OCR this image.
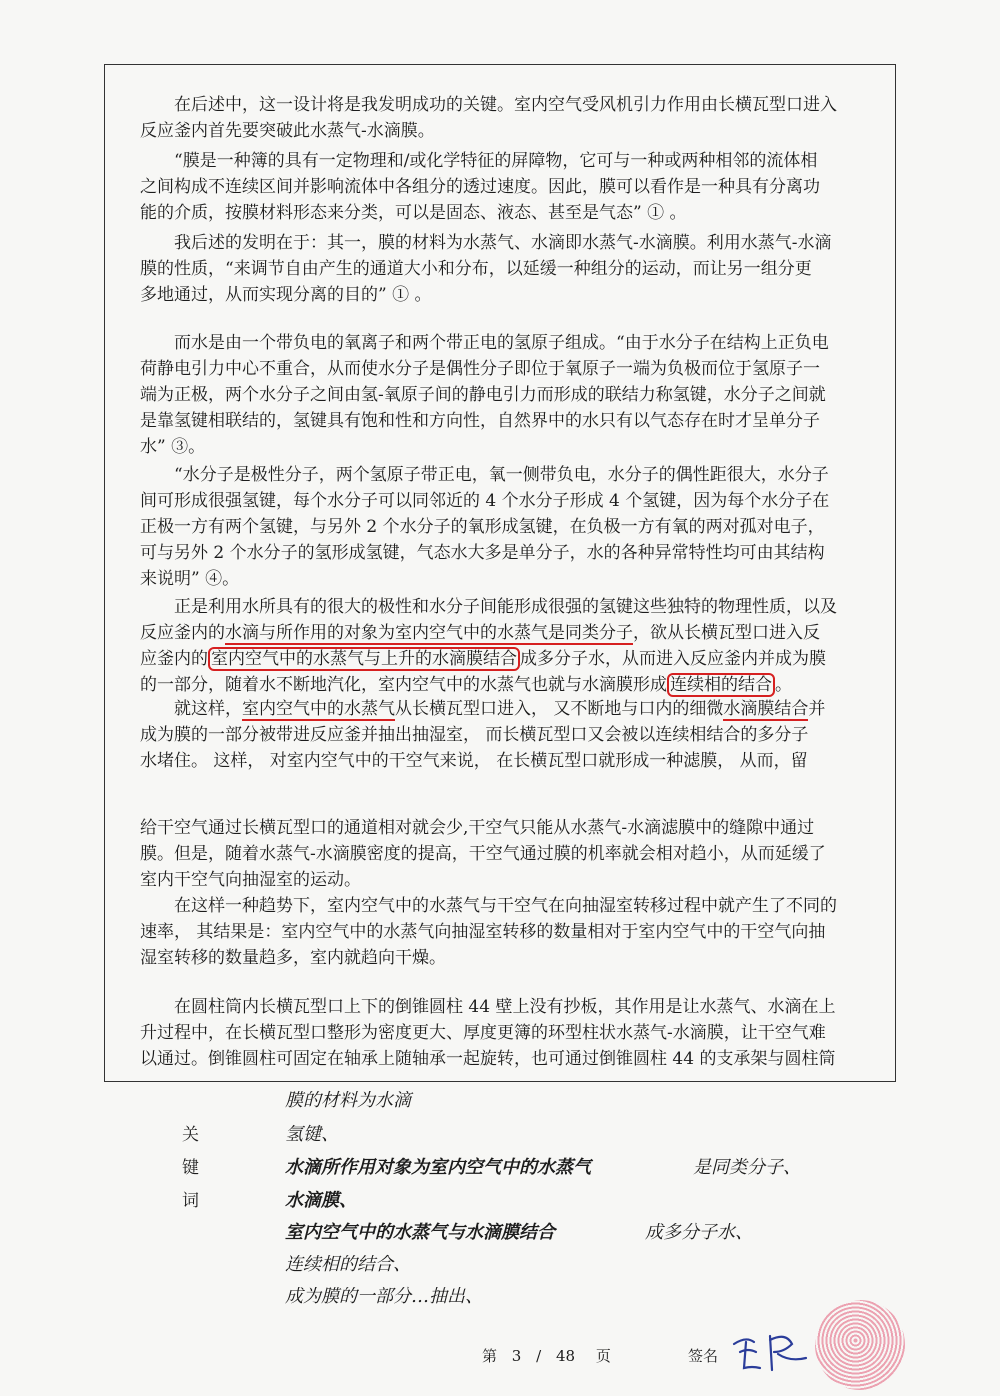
在后述中，这一设计将是我发明成功的关键。室内空气受风机引力作用由长横瓦型口进入
反应釜内首先要突破此水蒸气-水滴膜。
“膜是一种簿的具有一定物理和/或化学特征的屏障物，它可与一种或两种相邻的流体相
之间构成不连续区间并影响流体中各组分的透过速度。因此，膜可以看作是一种具有分离功
能的介质，按膜材料形态来分类，可以是固态、液态、甚至是气态” ① 。
我后述的发明在于：其一，膜的材料为水蒸气、水滴即水蒸气-水滴膜。利用水蒸气-水滴
膜的性质，“来调节自由产生的通道大小和分布，以延缓一种组分的运动，而让另一组分更
多地通过，从而实现分离的目的” ① 。
而水是由一个带负电的氧离子和两个带正电的氢原子组成。“由于水分子在结构上正负电
荷静电引力中心不重合，从而使水分子是偶性分子即位于氧原子一端为负极而位于氢原子一
端为正极，两个水分子之间由氢-氧原子间的静电引力而形成的联结力称氢键，水分子之间就
是靠氢键相联结的，氢键具有饱和性和方向性，自然界中的水只有以气态存在时才呈单分子
水” ③。
“水分子是极性分子，两个氢原子带正电，氧一侧带负电，水分子的偶性距很大，水分子
间可形成很强氢键，每个水分子可以同邻近的 4 个水分子形成 4 个氢键，因为每个水分子在
正极一方有两个氢键，与另外 2 个水分子的氧形成氢键，在负极一方有氧的两对孤对电子，
可与另外 2 个水分子的氢形成氢键，气态水大多是单分子，水的各种异常特性均可由其结构
来说明” ④。
正是利用水所具有的很大的极性和水分子间能形成很强的氢键这些独特的物理性质，以及
反应釜内的水滴与所作用的对象为室内空气中的水蒸气是同类分子，欲从长横瓦型口进入反
应釜内的 室内空气中的水蒸气与上升的水滴膜结合 成多分子水，从而进入反应釜内并成为膜
的一部分，随着水不断地汽化，室内空气中的水蒸气也就与水滴膜形成 连续相的结合 。
就这样，室内空气中的水蒸气从长横瓦型口进入， 又不断地与口内的细微水滴膜结合并
成为膜的一部分被带进反应釜并抽出抽湿室， 而长横瓦型口又会被以连续相结合的多分子
水堵住。 这样， 对室内空气中的干空气来说， 在长横瓦型口就形成一种滤膜， 从而，留
给干空气通过长横瓦型口的通道相对就会少,干空气只能从水蒸气-水滴滤膜中的缝隙中通过
膜。但是，随着水蒸气-水滴膜密度的提高，干空气通过膜的机率就会相对趋小，从而延缓了
室内干空气向抽湿室的运动。
在这样一种趋势下，室内空气中的水蒸气与干空气在向抽湿室转移过程中就产生了不同的
速率， 其结果是：室内空气中的水蒸气向抽湿室转移的数量相对于室内空气中的干空气向抽
湿室转移的数量趋多，室内就趋向干燥。
在圆柱筒内长横瓦型口上下的倒锥圆柱 44 壁上没有抄板，其作用是让水蒸气、水滴在上
升过程中，在长横瓦型口整形为密度更大、厚度更簿的环型柱状水蒸气-水滴膜，让干空气难
以通过。倒锥圆柱可固定在轴承上随轴承一起旋转，也可通过倒锥圆柱 44 的支承架与圆柱筒
关
键
词
膜的材料为水滴
氢键、
水滴所作用对象为室内空气中的水蒸气	是同类分子、
水滴膜、
室内空气中的水蒸气与水滴膜结合	成多分子水、
连续相的结合、
成为膜的一部分…抽出、
第 3 / 48 页	签名
